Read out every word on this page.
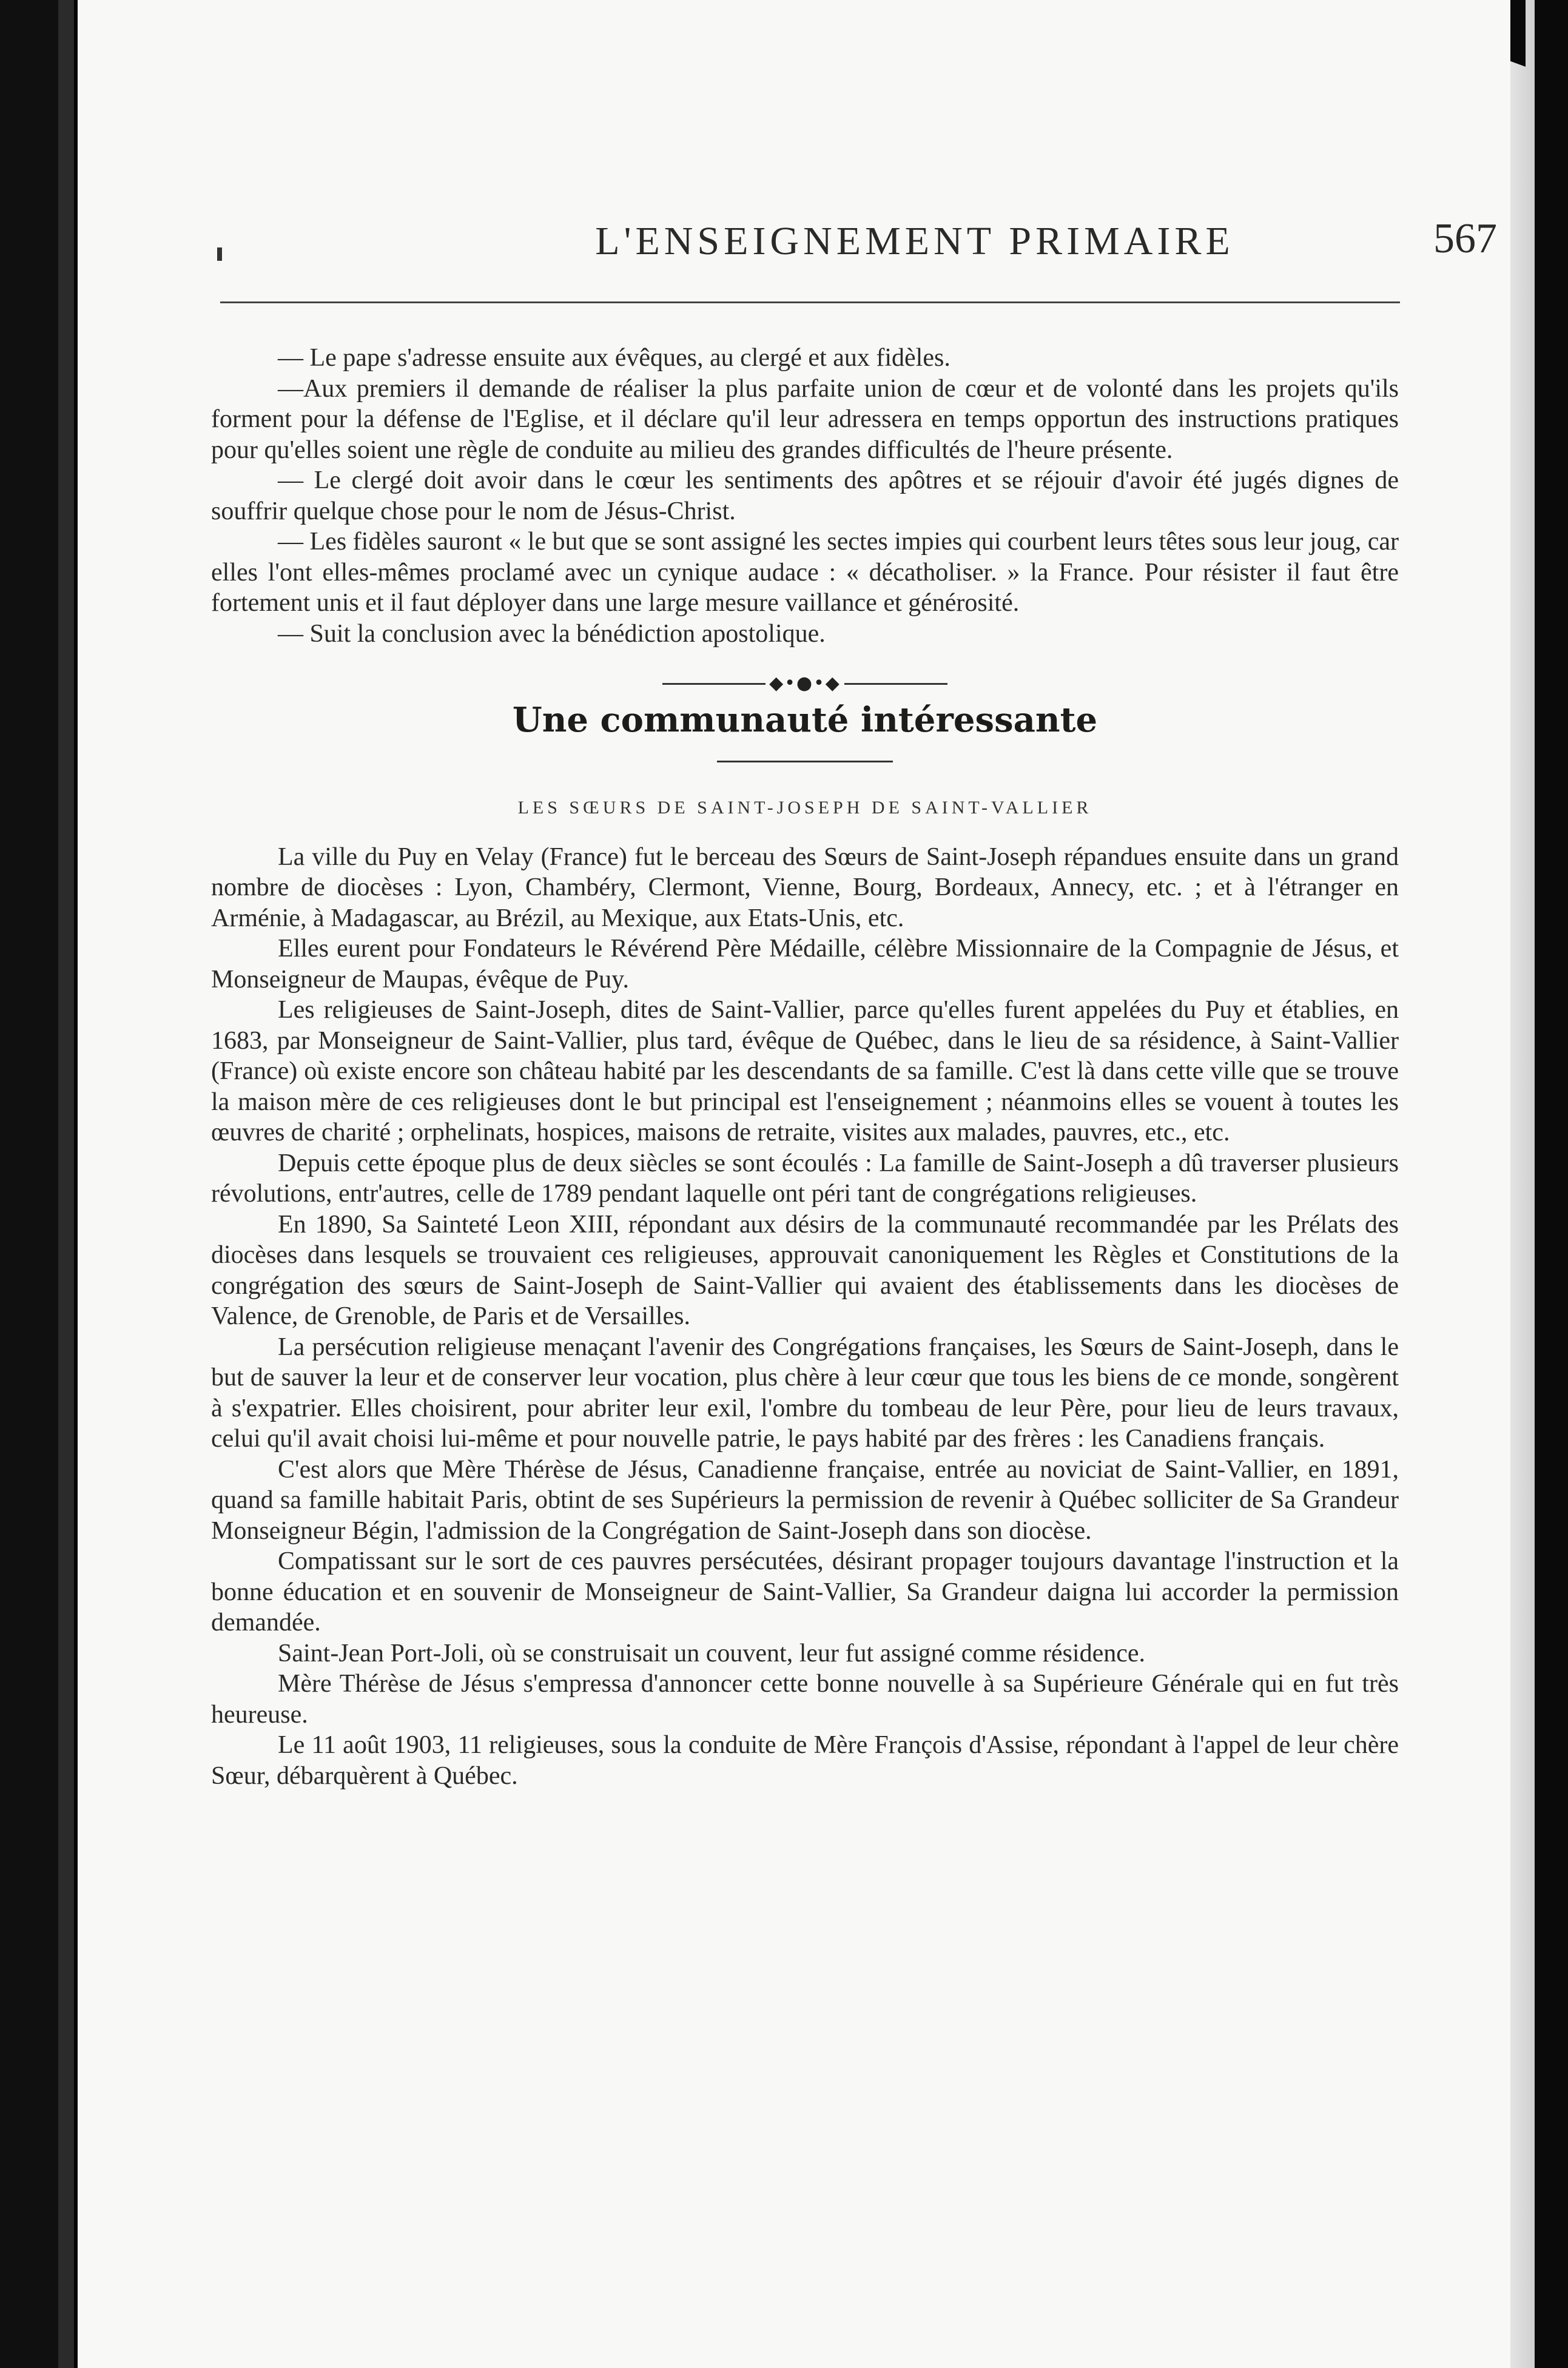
L'ENSEIGNEMENT PRIMAIRE	567

— Le pape s'adresse ensuite aux évêques, au clergé et aux fidèles.

—Aux premiers il demande de réaliser la plus parfaite union de cœur et de volonté dans les projets qu'ils forment pour la défense de l'Eglise, et il déclare qu'il leur adressera en temps opportun des instructions pratiques pour qu'elles soient une règle de conduite au milieu des grandes difficultés de l'heure présente.

— Le clergé doit avoir dans le cœur les sentiments des apôtres et se réjouir d'avoir été jugés dignes de souffrir quelque chose pour le nom de Jésus-Christ.

— Les fidèles sauront « le but que se sont assigné les sectes impies qui courbent leurs têtes sous leur joug, car elles l'ont elles-mêmes proclamé avec un cynique audace : « décatholiser. » la France. Pour résister il faut être fortement unis et il faut déployer dans une large mesure vaillance et générosité.

— Suit la conclusion avec la bénédiction apostolique.

◆•●•◆
Une communauté intéressante

LES SŒURS DE SAINT-JOSEPH DE SAINT-VALLIER

La ville du Puy en Velay (France) fut le berceau des Sœurs de Saint-Joseph répandues ensuite dans un grand nombre de diocèses : Lyon, Chambéry, Clermont, Vienne, Bourg, Bordeaux, Annecy, etc. ; et à l'étranger en Arménie, à Madagascar, au Brézil, au Mexique, aux Etats-Unis, etc.

Elles eurent pour Fondateurs le Révérend Père Médaille, célèbre Missionnaire de la Compagnie de Jésus, et Monseigneur de Maupas, évêque de Puy.

Les religieuses de Saint-Joseph, dites de Saint-Vallier, parce qu'elles furent appelées du Puy et établies, en 1683, par Monseigneur de Saint-Vallier, plus tard, évêque de Québec, dans le lieu de sa résidence, à Saint-Vallier (France) où existe encore son château habité par les descendants de sa famille. C'est là dans cette ville que se trouve la maison mère de ces religieuses dont le but principal est l'enseignement ; néanmoins elles se vouent à toutes les œuvres de charité ; orphelinats, hospices, maisons de retraite, visites aux malades, pauvres, etc., etc.

Depuis cette époque plus de deux siècles se sont écoulés : La famille de Saint-Joseph a dû traverser plusieurs révolutions, entr'autres, celle de 1789 pendant laquelle ont péri tant de congrégations religieuses.

En 1890, Sa Sainteté Leon XIII, répondant aux désirs de la communauté recommandée par les Prélats des diocèses dans lesquels se trouvaient ces religieuses, approuvait canoniquement les Règles et Constitutions de la congrégation des sœurs de Saint-Joseph de Saint-Vallier qui avaient des établissements dans les diocèses de Valence, de Grenoble, de Paris et de Versailles.

La persécution religieuse menaçant l'avenir des Congrégations françaises, les Sœurs de Saint-Joseph, dans le but de sauver la leur et de conserver leur vocation, plus chère à leur cœur que tous les biens de ce monde, songèrent à s'expatrier. Elles choisirent, pour abriter leur exil, l'ombre du tombeau de leur Père, pour lieu de leurs travaux, celui qu'il avait choisi lui-même et pour nouvelle patrie, le pays habité par des frères : les Canadiens français.

C'est alors que Mère Thérèse de Jésus, Canadienne française, entrée au noviciat de Saint-Vallier, en 1891, quand sa famille habitait Paris, obtint de ses Supérieurs la permission de revenir à Québec solliciter de Sa Grandeur Monseigneur Bégin, l'admission de la Congrégation de Saint-Joseph dans son diocèse.

Compatissant sur le sort de ces pauvres persécutées, désirant propager toujours davantage l'instruction et la bonne éducation et en souvenir de Monseigneur de Saint-Vallier, Sa Grandeur daigna lui accorder la permission demandée.

Saint-Jean Port-Joli, où se construisait un couvent, leur fut assigné comme résidence.

Mère Thérèse de Jésus s'empressa d'annoncer cette bonne nouvelle à sa Supérieure Générale qui en fut très heureuse.

Le 11 août 1903, 11 religieuses, sous la conduite de Mère François d'Assise, répondant à l'appel de leur chère Sœur, débarquèrent à Québec.
